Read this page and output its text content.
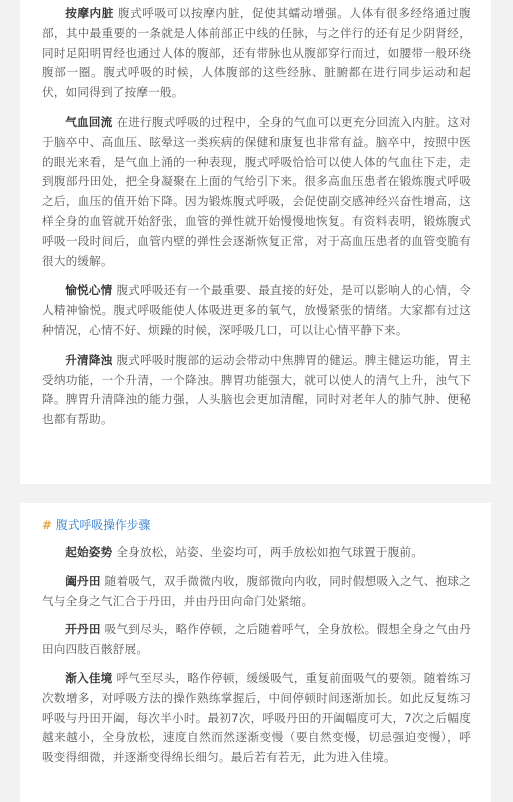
按摩内脏 腹式呼吸可以按摩内脏，促使其蠕动增强。人体有很多经络通过腹部，其中最重要的一条就是人体前部正中线的任脉，与之伴行的还有足少阴肾经，同时足阳明胃经也通过人体的腹部，还有带脉也从腹部穿行而过，如腰带一般环绕腹部一圈。腹式呼吸的时候，人体腹部的这些经脉、脏腑都在进行同步运动和起伏，如同得到了按摩一般。

气血回流 在进行腹式呼吸的过程中，全身的气血可以更充分回流入内脏。这对于脑卒中、高血压、眩晕这一类疾病的保健和康复也非常有益。脑卒中，按照中医的眼光来看，是气血上涌的一种表现，腹式呼吸恰恰可以使人体的气血往下走，走到腹部丹田处，把全身凝聚在上面的气给引下来。很多高血压患者在锻炼腹式呼吸之后，血压的值开始下降。因为锻炼腹式呼吸，会促使副交感神经兴奋性增高，这样全身的血管就开始舒张，血管的弹性就开始慢慢地恢复。有资料表明，锻炼腹式呼吸一段时间后，血管内壁的弹性会逐渐恢复正常，对于高血压患者的血管变脆有很大的缓解。

愉悦心情 腹式呼吸还有一个最重要、最直接的好处，是可以影响人的心情，令人精神愉悦。腹式呼吸能使人体吸进更多的氧气，放慢紧张的情绪。大家都有过这种情况，心情不好、烦躁的时候，深呼吸几口，可以让心情平静下来。

升清降浊 腹式呼吸时腹部的运动会带动中焦脾胃的健运。脾主健运功能，胃主受纳功能，一个升清，一个降浊。脾胃功能强大，就可以使人的清气上升，浊气下降。脾胃升清降浊的能力强，人头脑也会更加清醒，同时对老年人的肺气肿、便秘也都有帮助。

# 腹式呼吸操作步骤

起始姿势 全身放松，站姿、坐姿均可，两手放松如抱气球置于腹前。

阖丹田 随着吸气，双手微微内收，腹部微向内收，同时假想吸入之气、抱球之气与全身之气汇合于丹田，并由丹田向命门处紧缩。

开丹田 吸气到尽头，略作停顿，之后随着呼气，全身放松。假想全身之气由丹田向四肢百骸舒展。

渐入佳境 呼气至尽头，略作停顿，缓缓吸气，重复前面吸气的要领。随着练习次数增多，对呼吸方法的操作熟练掌握后，中间停顿时间逐渐加长。如此反复练习呼吸与丹田开阖，每次半小时。最初7次，呼吸丹田的开阖幅度可大，7次之后幅度越来越小，全身放松，速度自然而然逐渐变慢（要自然变慢，切忌强迫变慢），呼吸变得细微，并逐渐变得绵长细匀。最后若有若无，此为进入佳境。
